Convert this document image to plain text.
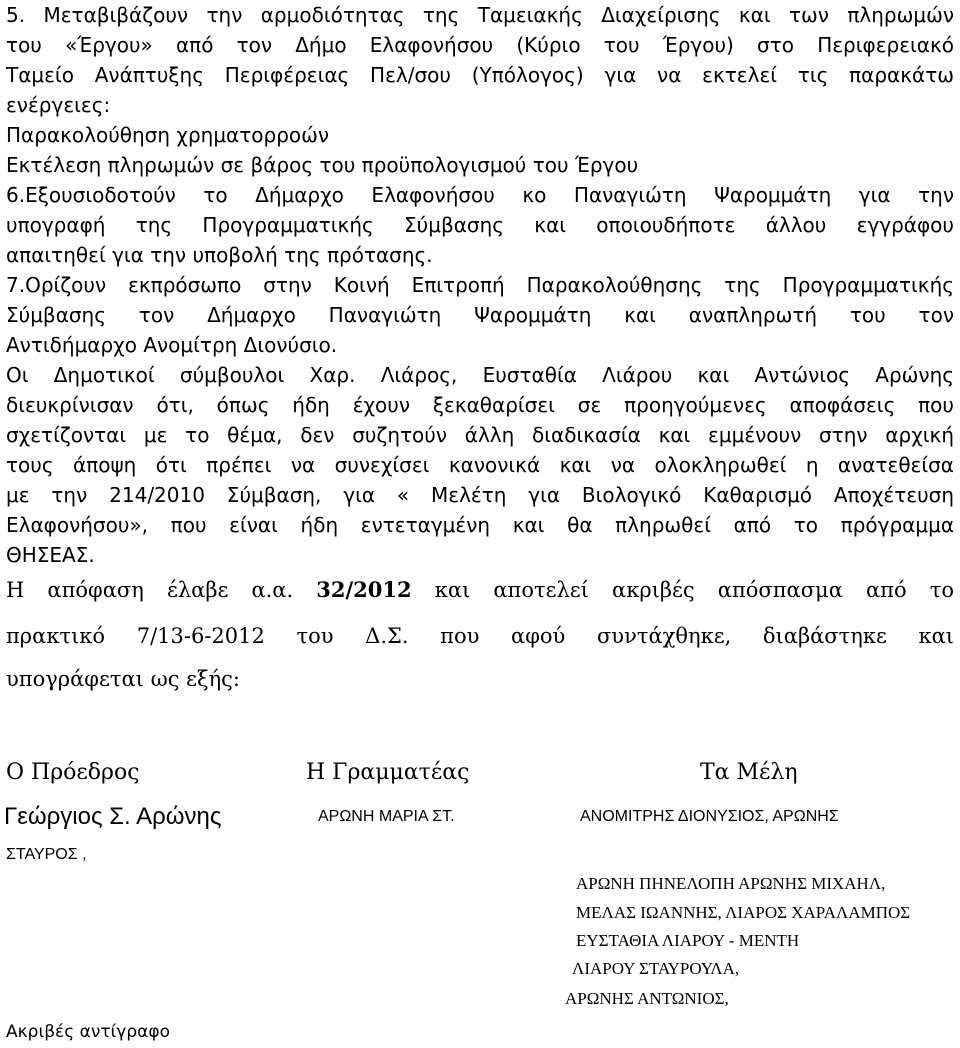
5. Μεταβιβάζουν την αρμοδιότητας της Ταμειακής Διαχείρισης και των πληρωμών
του «Έργου» από τον Δήμο Ελαφονήσου (Κύριο του Έργου) στο Περιφερειακό
Ταμείο Ανάπτυξης Περιφέρειας Πελ/σου (Υπόλογος) για να εκτελεί τις παρακάτω
ενέργειες:
Παρακολούθηση χρηματορροών
Εκτέλεση πληρωμών σε βάρος του προϋπολογισμού του Έργου
6.Εξουσιοδοτούν το Δήμαρχο Ελαφονήσου κο Παναγιώτη Ψαρομμάτη για την
υπογραφή της Προγραμματικής Σύμβασης και οποιουδήποτε άλλου εγγράφου
απαιτηθεί για την υποβολή της πρότασης.
7.Ορίζουν εκπρόσωπο στην Κοινή Επιτροπή Παρακολούθησης της Προγραμματικής
Σύμβασης τον Δήμαρχο Παναγιώτη Ψαρομμάτη και αναπληρωτή του τον
Αντιδήμαρχο Ανομίτρη Διονύσιο.
Οι Δημοτικοί σύμβουλοι Χαρ. Λιάρος, Ευσταθία Λιάρου και Αντώνιος Αρώνης
διευκρίνισαν ότι, όπως ήδη έχουν ξεκαθαρίσει σε προηγούμενες αποφάσεις που
σχετίζονται με το θέμα, δεν συζητούν άλλη διαδικασία και εμμένουν στην αρχική
τους άποψη ότι πρέπει να συνεχίσει κανονικά και να ολοκληρωθεί η ανατεθείσα
με την 214/2010 Σύμβαση, για « Μελέτη για Βιολογικό Καθαρισμό Αποχέτευση
Ελαφονήσου», που είναι ήδη εντεταγμένη και θα πληρωθεί από το πρόγραμμα
ΘΗΣΕΑΣ.
Η απόφαση έλαβε α.α. 32/2012 και αποτελεί ακριβές απόσπασμα από το
πρακτικό 7/13-6-2012 του Δ.Σ. που αφού συντάχθηκε, διαβάστηκε και
υπογράφεται ως εξής:
Ο Πρόεδρος	Η Γραμματέας	Τα Μέλη
Γεώργιος Σ. Αρώνης	ΑΡΩΝΗ ΜΑΡΙΑ ΣΤ.	ΑΝΟΜΙΤΡΗΣ ΔΙΟΝΥΣΙΟΣ, ΑΡΩΝΗΣ
ΣΤΑΥΡΟΣ ,
ΑΡΩΝΗ ΠΗΝΕΛΟΠΗ ΑΡΩΝΗΣ ΜΙΧΑΗΛ,
ΜΕΛΑΣ ΙΩΑΝΝΗΣ, ΛΙΑΡΟΣ ΧΑΡΑΛΑΜΠΟΣ
ΕΥΣΤΑΘΙΑ ΛΙΑΡΟΥ - ΜΕΝΤΗ
ΛΙΑΡΟΥ ΣΤΑΥΡΟΥΛΑ,
ΑΡΩΝΗΣ ΑΝΤΩΝΙΟΣ,
Ακριβές αντίγραφο
